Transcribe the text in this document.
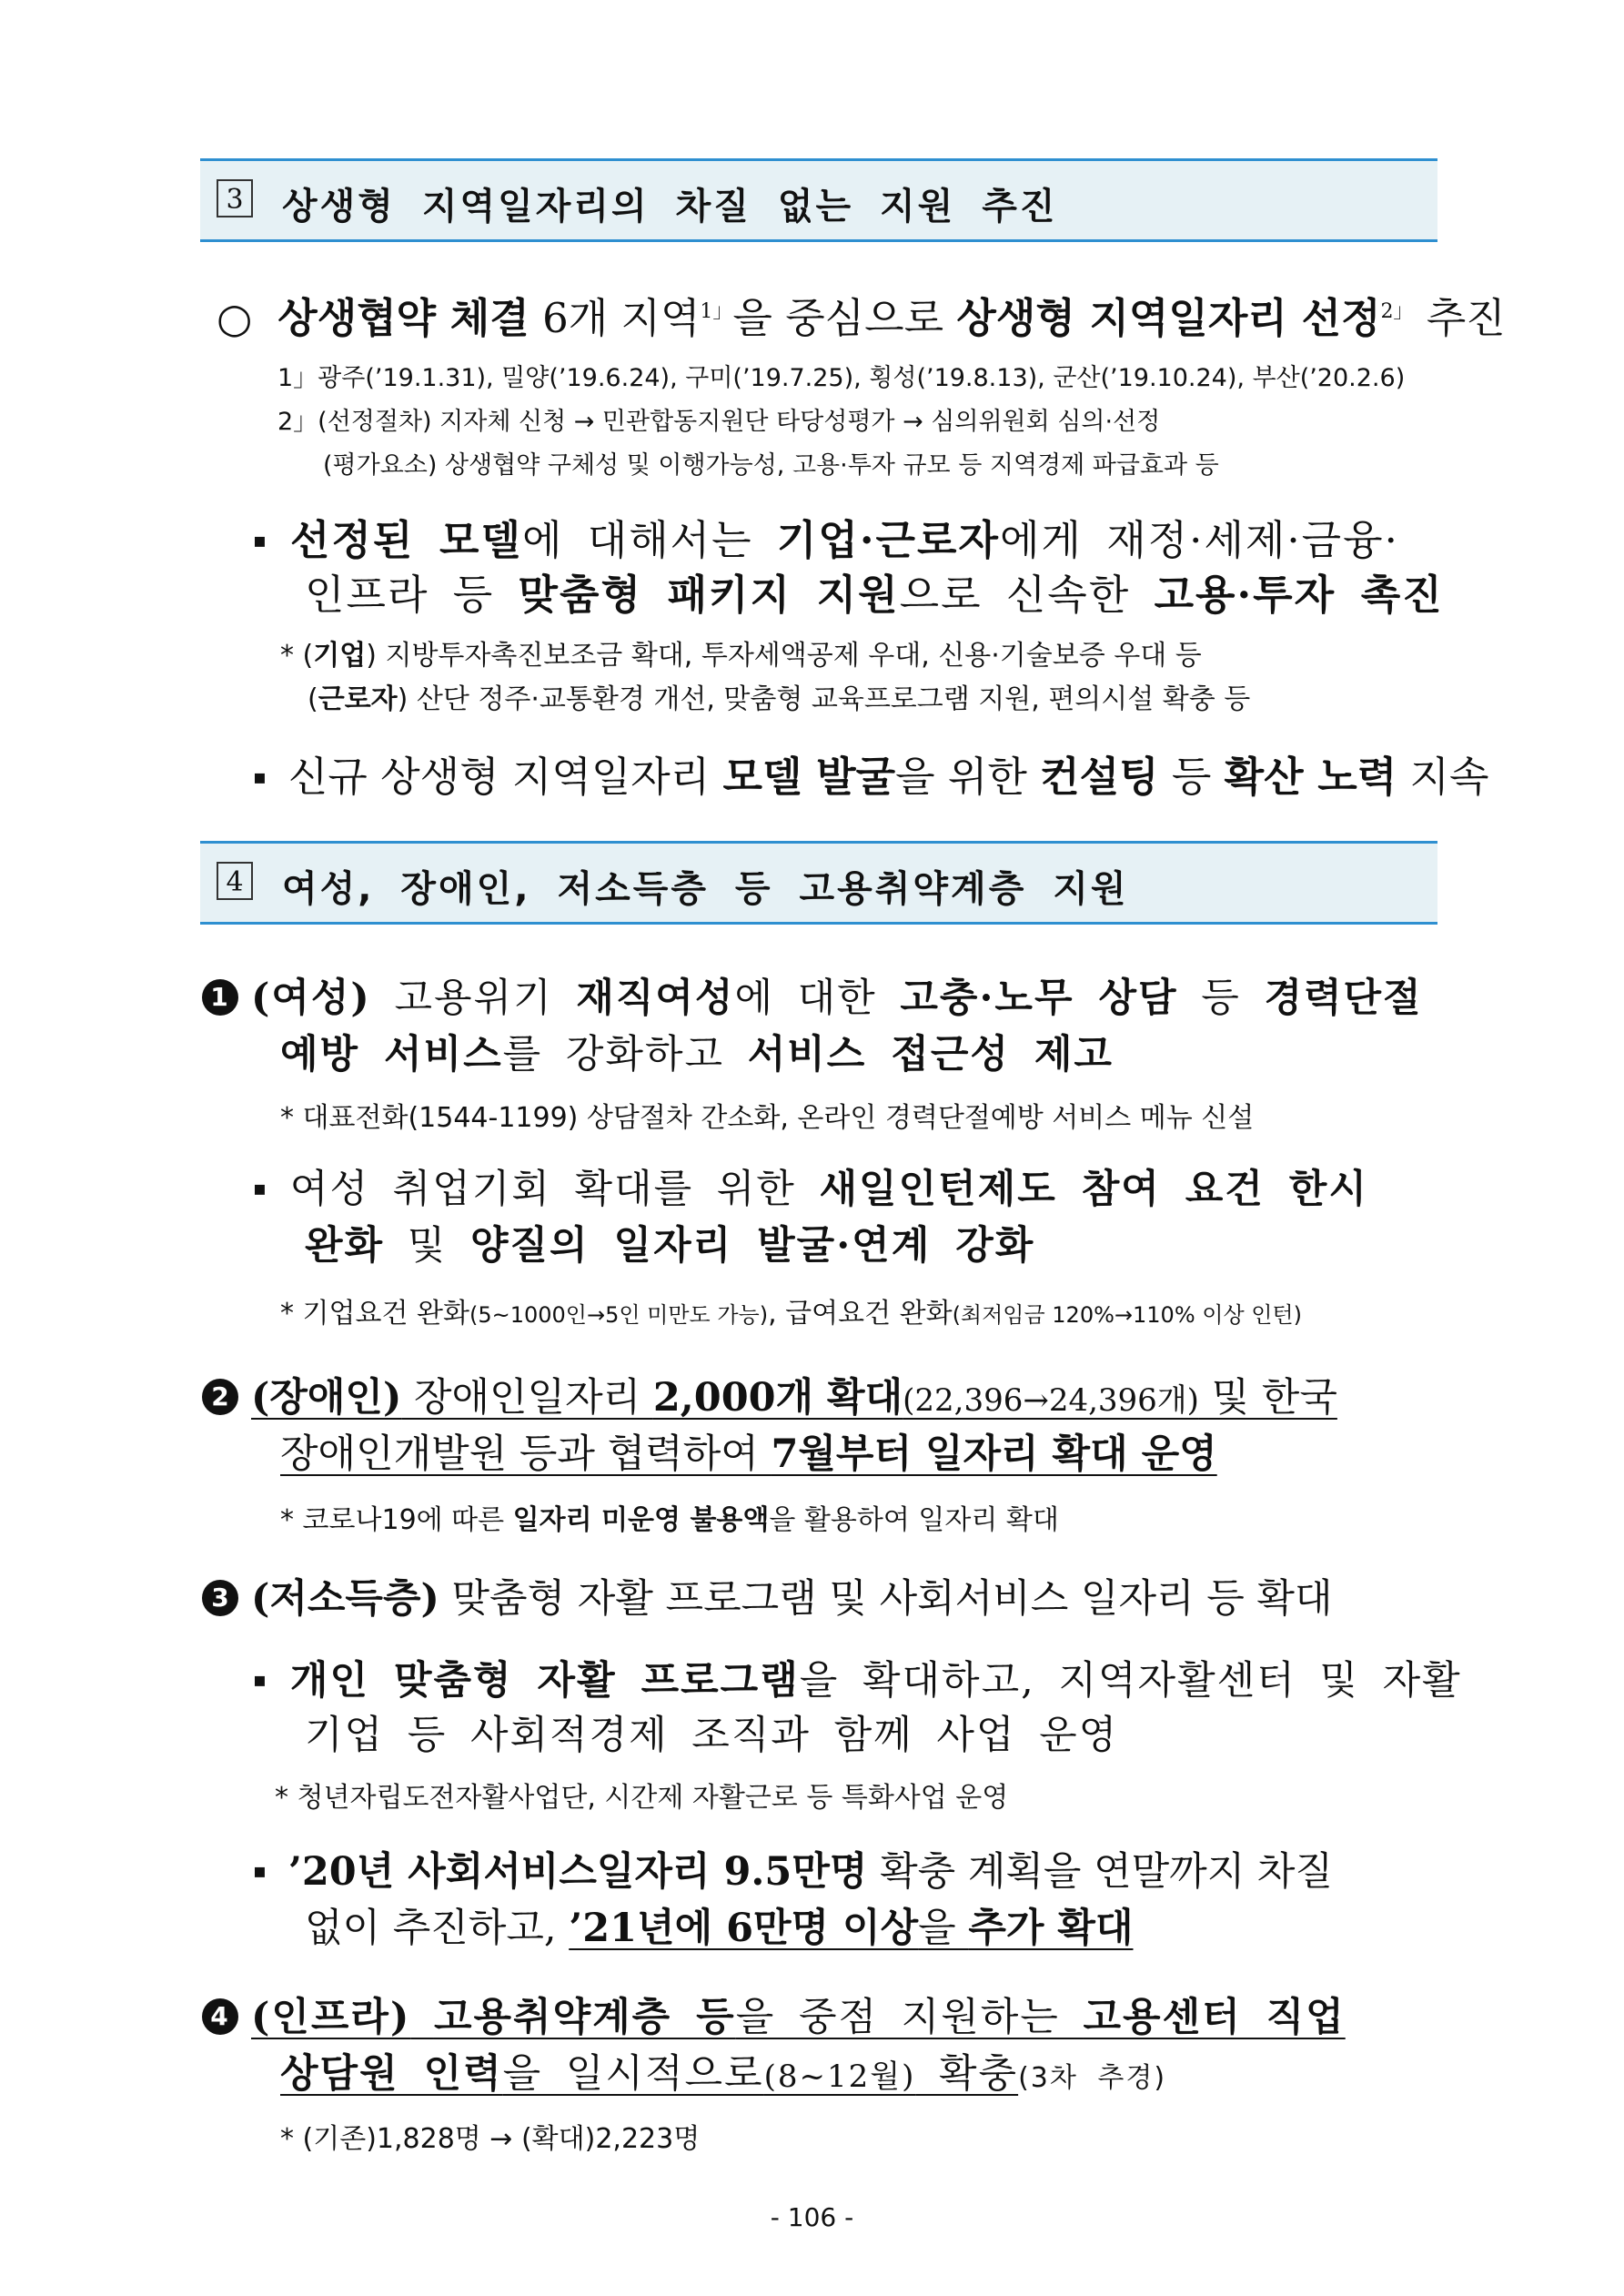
3 상생형 지역일자리의 차질 없는 지원 추진
○ 상생협약 체결 6개 지역$^{1」}$을 중심으로 상생형 지역일자리 선정$^{2」}$ 추진
1」광주(’19.1.31), 밀양(’19.6.24), 구미(’19.7.25), 횡성(’19.8.13), 군산(’19.10.24), 부산(’20.2.6)
2」(선정절차) 지자체 신청 → 민관합동지원단 타당성평가 → 심의위원회 심의·선정
(평가요소) 상생협약 구체성 및 이행가능성, 고용·투자 규모 등 지역경제 파급효과 등
▪ 선정된 모델에 대해서는 기업·근로자에게 재정·세제·금융·
인프라 등 맞춤형 패키지 지원으로 신속한 고용·투자 촉진
* (기업) 지방투자촉진보조금 확대, 투자세액공제 우대, 신용·기술보증 우대 등
(근로자) 산단 정주·교통환경 개선, 맞춤형 교육프로그램 지원, 편의시설 확충 등
▪ 신규 상생형 지역일자리 모델 발굴을 위한 컨설팅 등 확산 노력 지속
4 여성, 장애인, 저소득층 등 고용취약계층 지원
1 (여성) 고용위기 재직여성에 대한 고충·노무 상담 등 경력단절
예방 서비스를 강화하고 서비스 접근성 제고
* 대표전화(1544-1199) 상담절차 간소화, 온라인 경력단절예방 서비스 메뉴 신설
▪ 여성 취업기회 확대를 위한 새일인턴제도 참여 요건 한시
완화 및 양질의 일자리 발굴·연계 강화
* 기업요건 완화(5~1000인→5인 미만도 가능), 급여요건 완화(최저임금 120%→110% 이상 인턴)
2 (장애인) 장애인일자리 2,000개 확대(22,396→24,396개) 및 한국
장애인개발원 등과 협력하여 7월부터 일자리 확대 운영
* 코로나19에 따른 일자리 미운영 불용액을 활용하여 일자리 확대
3 (저소득층) 맞춤형 자활 프로그램 및 사회서비스 일자리 등 확대
▪ 개인 맞춤형 자활 프로그램을 확대하고, 지역자활센터 및 자활
기업 등 사회적경제 조직과 함께 사업 운영
* 청년자립도전자활사업단, 시간제 자활근로 등 특화사업 운영
▪ ’20년 사회서비스일자리 9.5만명 확충 계획을 연말까지 차질
없이 추진하고, ’21년에 6만명 이상을 추가 확대
4 (인프라) 고용취약계층 등을 중점 지원하는 고용센터 직업
상담원 인력을 일시적으로(8~12월) 확충(3차 추경)
* (기존)1,828명 → (확대)2,223명
- 106 -
